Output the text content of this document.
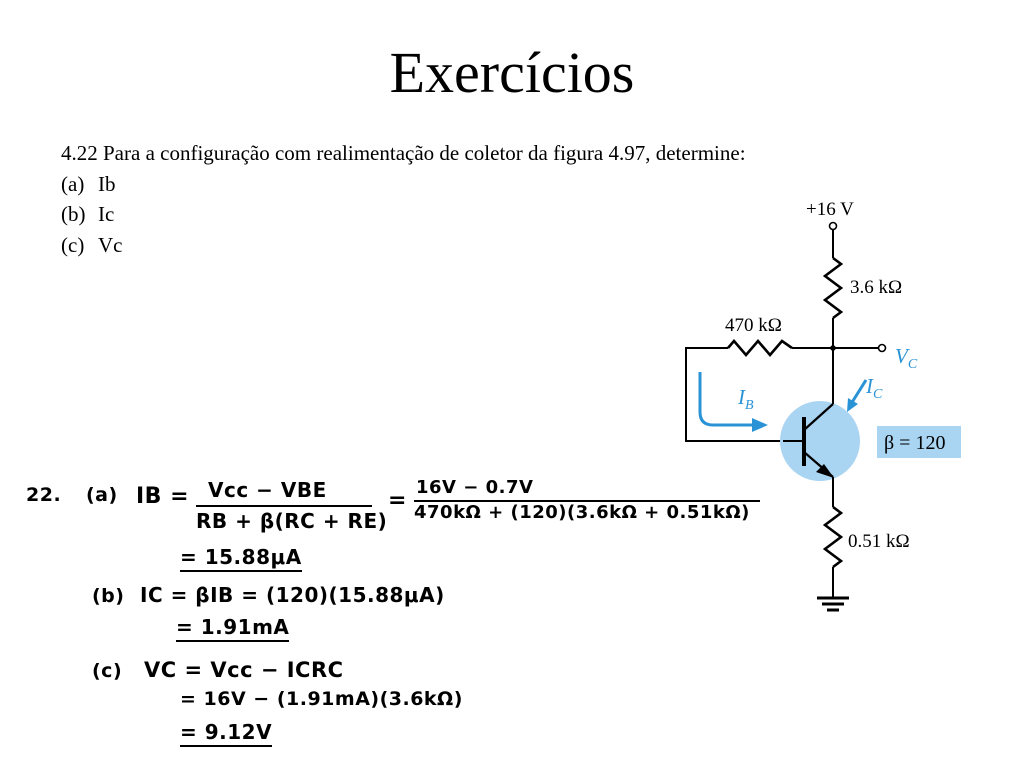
Exercícios
4.22 Para a configuração com realimentação de coletor da figura 4.97, determine:
(a) Ib
(b) Ic
(c) Vc
+16 V
3.6 kΩ
$V_C$
470 kΩ
$I_C$
$I_B$
β = 120
0.51 kΩ
22. (a) IB = Vcc − VBE
RB + β(RC + RE)
=
16V − 0.7V
470kΩ + (120)(3.6kΩ + 0.51kΩ)
= 15.88μA
(b) IC = βIB = (120)(15.88μA)
= 1.91mA
(c) VC = Vcc − ICRC
= 16V − (1.91mA)(3.6kΩ)
= 9.12V
